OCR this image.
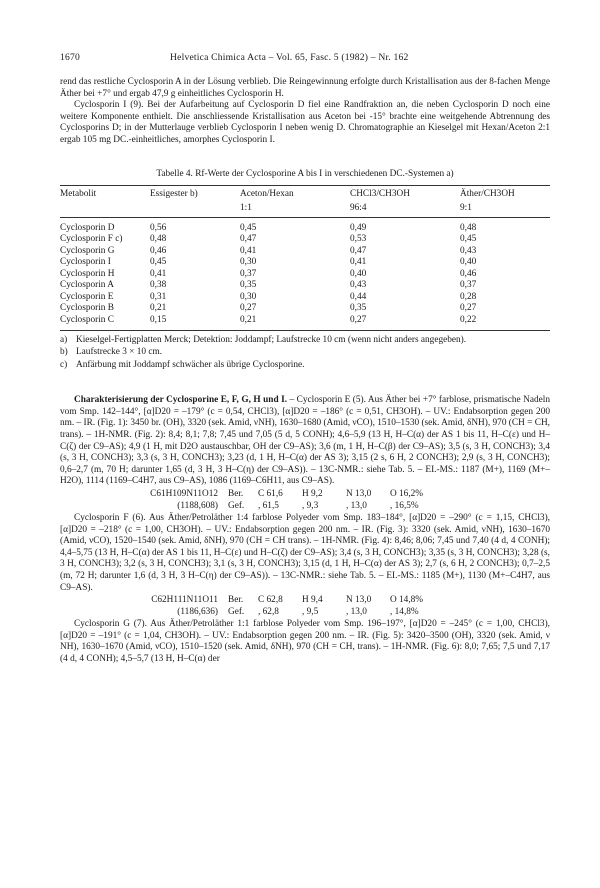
1670	Helvetica Chimica Acta – Vol. 65, Fasc. 5 (1982) – Nr. 162

rend das restliche Cyclosporin A in der Lösung verblieb. Die Reingewinnung erfolgte durch Kristallisation aus der 8-fachen Menge Äther bei +7° und ergab 47,9 g einheitliches Cyclosporin H.

Cyclosporin I (9). Bei der Aufarbeitung auf Cyclosporin D fiel eine Randfraktion an, die neben Cyclosporin D noch eine weitere Komponente enthielt. Die anschliessende Kristallisation aus Aceton bei -15° brachte eine weitgehende Abtrennung des Cyclosporins D; in der Mutterlauge verblieb Cyclosporin I neben wenig D. Chromatographie an Kieselgel mit Hexan/Aceton 2:1 ergab 105 mg DC.-einheitliches, amorphes Cyclosporin I.

Tabelle 4. Rf-Werte der Cyclosporine A bis I in verschiedenen DC.-Systemen a)
Metabolit	Essigester b)	Aceton/Hexan	CHCl3/CH3OH	Äther/CH3OH
		1:1	96:4	9:1
Cyclosporin D	0,56	0,45	0,49	0,48
Cyclosporin F c)	0,48	0,47	0,53	0,45
Cyclosporin G	0,46	0,41	0,47	0,43
Cyclosporin I	0,45	0,30	0,41	0,40
Cyclosporin H	0,41	0,37	0,40	0,46
Cyclosporin A	0,38	0,35	0,43	0,37
Cyclosporin E	0,31	0,30	0,44	0,28
Cyclosporin B	0,21	0,27	0,35	0,27
Cyclosporin C	0,15	0,21	0,27	0,22
a) Kieselgel-Fertigplatten Merck; Detektion: Joddampf; Laufstrecke 10 cm (wenn nicht anders angegeben).
b) Laufstrecke 3 × 10 cm.
c) Anfärbung mit Joddampf schwächer als übrige Cyclosporine.

Charakterisierung der Cyclosporine E, F, G, H und I. – Cyclosporin E (5). Aus Äther bei +7° farblose, prismatische Nadeln vom Smp. 142–144°, [α]D20 = –179° (c = 0,54, CHCl3), [α]D20 = –186° (c = 0,51, CH3OH). – UV.: Endabsorption gegen 200 nm. – IR. (Fig. 1): 3450 br. (OH), 3320 (sek. Amid, νNH), 1630–1680 (Amid, νCO), 1510–1530 (sek. Amid, δNH), 970 (CH = CH, trans). – 1H-NMR. (Fig. 2): 8,4; 8,1; 7,8; 7,45 und 7,05 (5 d, 5 CONH); 4,6–5,9 (13 H, H–C(α) der AS 1 bis 11, H–C(ε) und H–C(ζ) der C9–AS); 4,9 (1 H, mit D2O austauschbar, OH der C9–AS); 3,6 (m, 1 H, H–C(β) der C9–AS); 3,5 (s, 3 H, CONCH3); 3,4 (s, 3 H, CONCH3); 3,3 (s, 3 H, CONCH3); 3,23 (d, 1 H, H–C(α) der AS 3); 3,15 (2 s, 6 H, 2 CONCH3); 2,9 (s, 3 H, CONCH3); 0,6–2,7 (m, 70 H; darunter 1,65 (d, 3 H, 3 H–C(η) der C9–AS)). – 13C-NMR.: siehe Tab. 5. – EI.-MS.: 1187 (M+), 1169 (M+–H2O), 1114 (1169–C4H7, aus C9–AS), 1086 (1169–C6H11, aus C9–AS).

C61H109N11O12
(1188,608)
Ber. C 61,6 H 9,2	N 13,0 O 16,2%
Gef. , 61,5 , 9,3	, 13,0 , 16,5%

Cyclosporin F (6). Aus Äther/Petroläther 1:4 farblose Polyeder vom Smp. 183–184°, [α]D20 = –290° (c = 1,15, CHCl3), [α]D20 = –218° (c = 1,00, CH3OH). – UV.: Endabsorption gegen 200 nm. – IR. (Fig. 3): 3320 (sek. Amid, νNH), 1630–1670 (Amid, νCO), 1520–1540 (sek. Amid, δNH), 970 (CH = CH trans). – 1H-NMR. (Fig. 4): 8,46; 8,06; 7,45 und 7,40 (4 d, 4 CONH); 4,4–5,75 (13 H, H–C(α) der AS 1 bis 11, H–C(ε) und H–C(ζ) der C9–AS); 3,4 (s, 3 H, CONCH3); 3,35 (s, 3 H, CONCH3); 3,28 (s, 3 H, CONCH3); 3,2 (s, 3 H, CONCH3); 3,1 (s, 3 H, CONCH3); 3,15 (d, 1 H, H–C(α) der AS 3); 2,7 (s, 6 H, 2 CONCH3); 0,7–2,5 (m, 72 H; darunter 1,6 (d, 3 H, 3 H–C(η) der C9–AS)). – 13C-NMR.: siehe Tab. 5. – EI.-MS.: 1185 (M+), 1130 (M+–C4H7, aus C9–AS).

C62H111N11O11
(1186,636)
Ber. C 62,8 H 9,4	N 13,0 O 14,8%
Gef. , 62,8 , 9,5	, 13,0 , 14,8%

Cyclosporin G (7). Aus Äther/Petroläther 1:1 farblose Polyeder vom Smp. 196–197°, [α]D20 = –245° (c = 1,00, CHCl3), [α]D20 = –191° (c = 1,04, CH3OH). – UV.: Endabsorption gegen 200 nm. – IR. (Fig. 5): 3420–3500 (OH), 3320 (sek. Amid, ν NH), 1630–1670 (Amid, νCO), 1510–1520 (sek. Amid, δNH), 970 (CH = CH, trans). – 1H-NMR. (Fig. 6): 8,0; 7,65; 7,5 und 7,17 (4 d, 4 CONH); 4,5–5,7 (13 H, H–C(α) der
